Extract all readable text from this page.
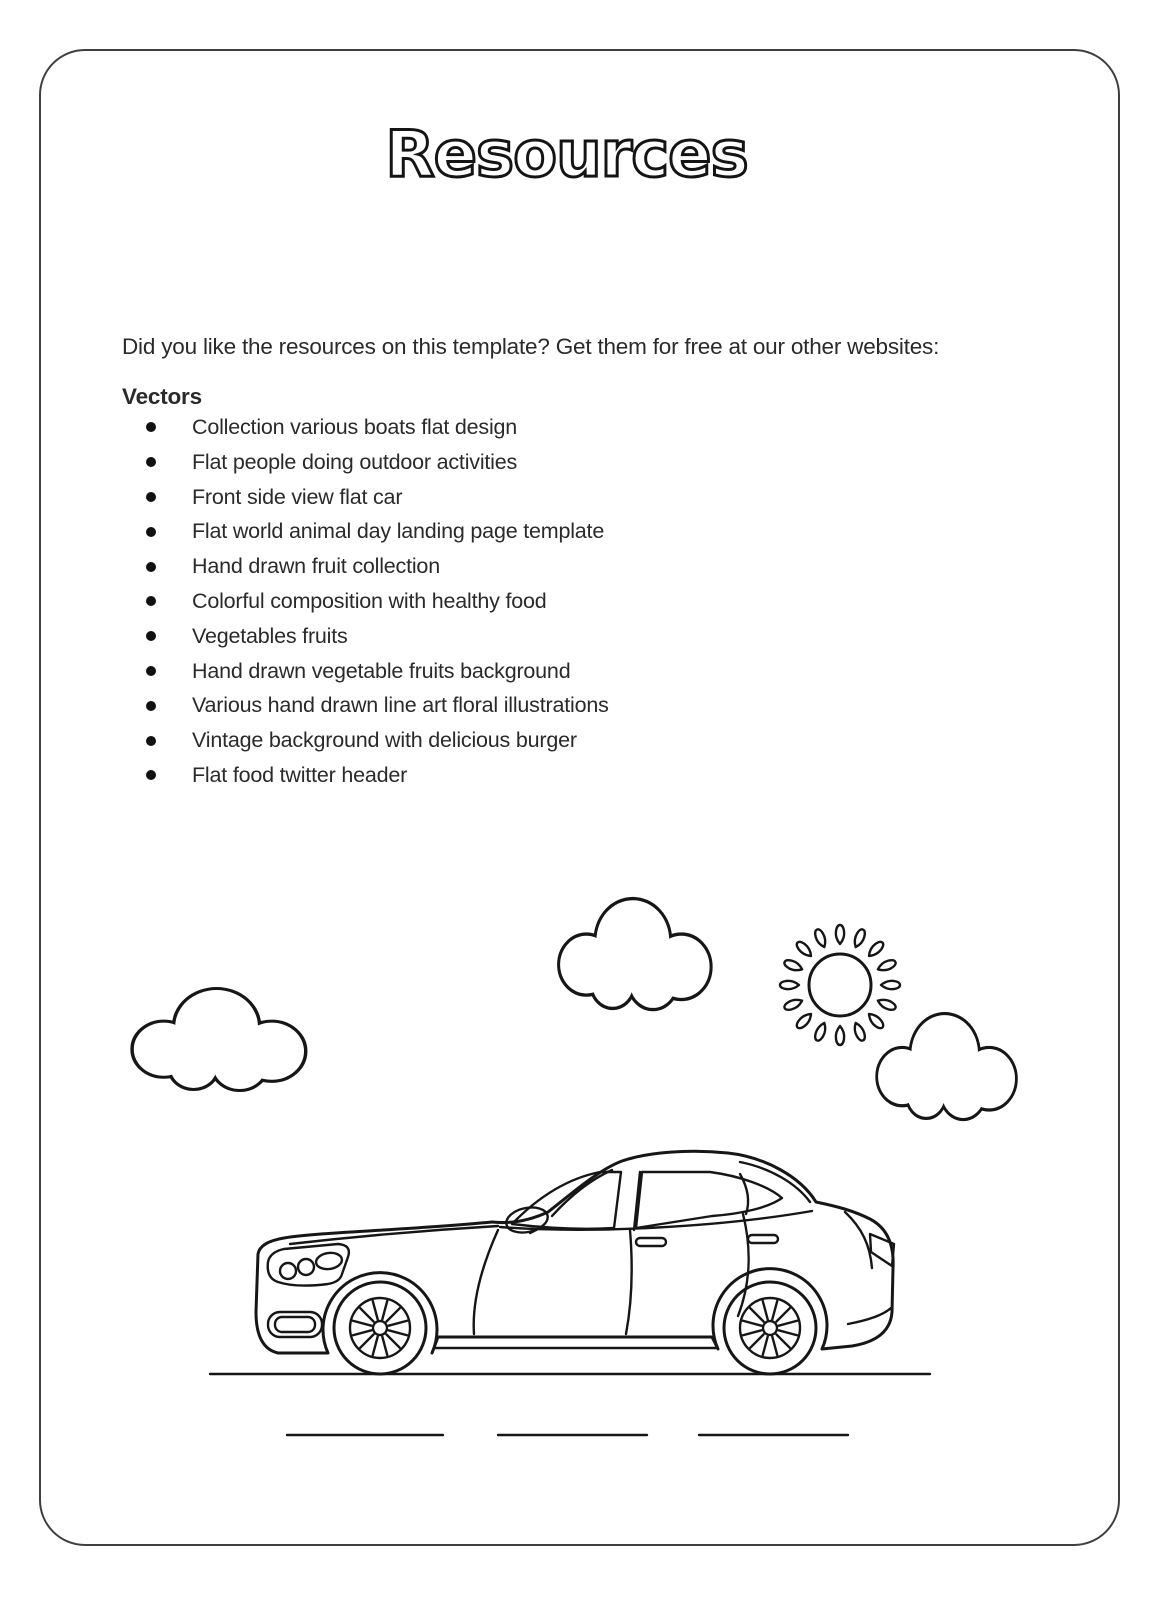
Resources

Did you like the resources on this template? Get them for free at our other websites:

Vectors
Collection various boats flat design
Flat people doing outdoor activities
Front side view flat car
Flat world animal day landing page template
Hand drawn fruit collection
Colorful composition with healthy food
Vegetables fruits
Hand drawn vegetable fruits background
Various hand drawn line art floral illustrations
Vintage background with delicious burger
Flat food twitter header
